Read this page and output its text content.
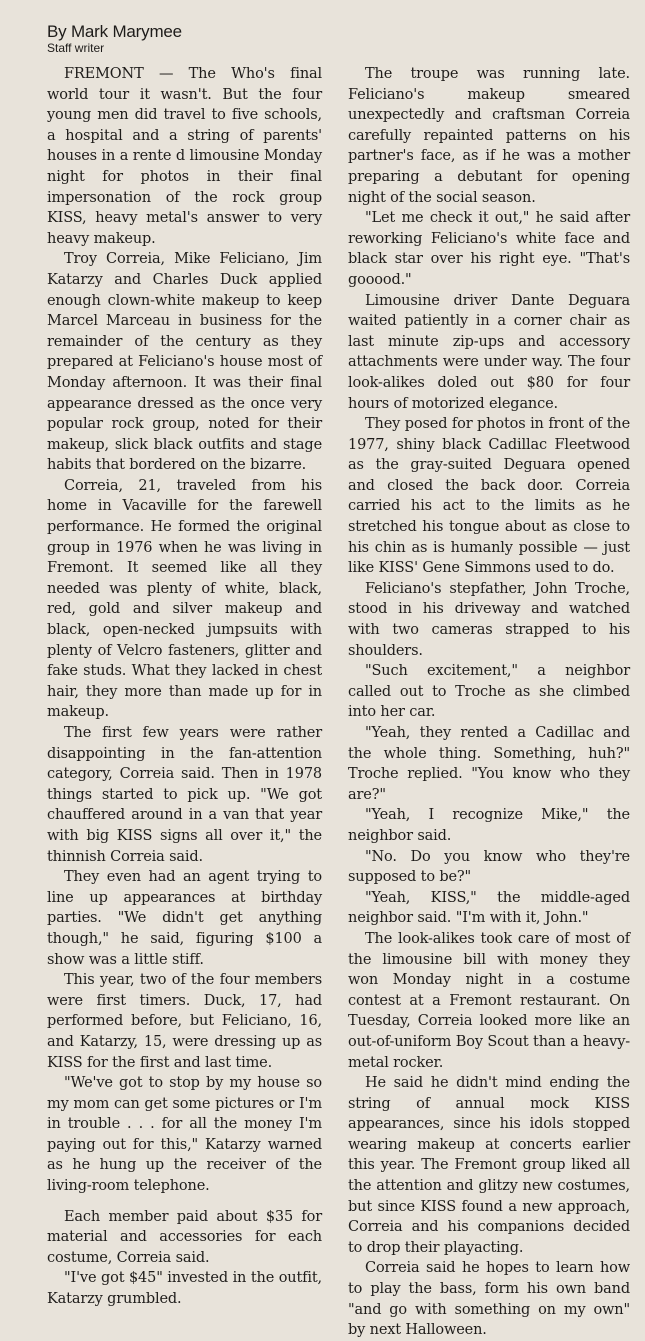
By Mark Marymee
Staff writer

FREMONT — The Who's final world tour it wasn't. But the four young men did travel to five schools, a hospital and a string of parents' houses in a rente d limousine Monday night for photos in their final impersonation of the rock group KISS, heavy metal's answer to very heavy makeup.

Troy Correia, Mike Feliciano, Jim Katarzy and Charles Duck applied enough clown-white makeup to keep Marcel Marceau in business for the remainder of the century as they prepared at Feliciano's house most of Monday afternoon. It was their final appearance dressed as the once very popular rock group, noted for their makeup, slick black outfits and stage habits that bordered on the bizarre.

Correia, 21, traveled from his home in Vacaville for the farewell performance. He formed the original group in 1976 when he was living in Fremont. It seemed like all they needed was plenty of white, black, red, gold and silver makeup and black, open-necked jumpsuits with plenty of Velcro fasteners, glitter and fake studs. What they lacked in chest hair, they more than made up for in makeup.

The first few years were rather disappointing in the fan-attention category, Correia said. Then in 1978 things started to pick up. "We got chauffered around in a van that year with big KISS signs all over it," the thinnish Correia said.

They even had an agent trying to line up appearances at birthday parties. "We didn't get anything though," he said, figuring $100 a show was a little stiff.

This year, two of the four members were first timers. Duck, 17, had performed before, but Feliciano, 16, and Katarzy, 15, were dressing up as KISS for the first and last time.

"We've got to stop by my house so my mom can get some pictures or I'm in trouble . . . for all the money I'm paying out for this," Katarzy warned as he hung up the receiver of the living-room telephone.

Each member paid about $35 for material and accessories for each costume, Correia said.

"I've got $45" invested in the outfit, Katarzy grumbled.

The troupe was running late. Feliciano's makeup smeared unexpectedly and craftsman Correia carefully repainted patterns on his partner's face, as if he was a mother preparing a debutant for opening night of the social season.

"Let me check it out," he said after reworking Feliciano's white face and black star over his right eye. "That's gooood."

Limousine driver Dante Deguara waited patiently in a corner chair as last minute zip-ups and accessory attachments were under way. The four look-alikes doled out $80 for four hours of motorized elegance.

They posed for photos in front of the 1977, shiny black Cadillac Fleetwood as the gray-suited Deguara opened and closed the back door. Correia carried his act to the limits as he stretched his tongue about as close to his chin as is humanly possible — just like KISS' Gene Simmons used to do.

Feliciano's stepfather, John Troche, stood in his driveway and watched with two cameras strapped to his shoulders.

"Such excitement," a neighbor called out to Troche as she climbed into her car.

"Yeah, they rented a Cadillac and the whole thing. Something, huh?" Troche replied. "You know who they are?"

"Yeah, I recognize Mike," the neighbor said.

"No. Do you know who they're supposed to be?"

"Yeah, KISS," the middle-aged neighbor said. "I'm with it, John."

The look-alikes took care of most of the limousine bill with money they won Monday night in a costume contest at a Fremont restaurant. On Tuesday, Correia looked more like an out-of-uniform Boy Scout than a heavy-metal rocker.

He said he didn't mind ending the string of annual mock KISS appearances, since his idols stopped wearing makeup at concerts earlier this year. The Fremont group liked all the attention and glitzy new costumes, but since KISS found a new approach, Correia and his companions decided to drop their playacting.

Correia said he hopes to learn how to play the bass, form his own band "and go with something on my own" by next Halloween.
